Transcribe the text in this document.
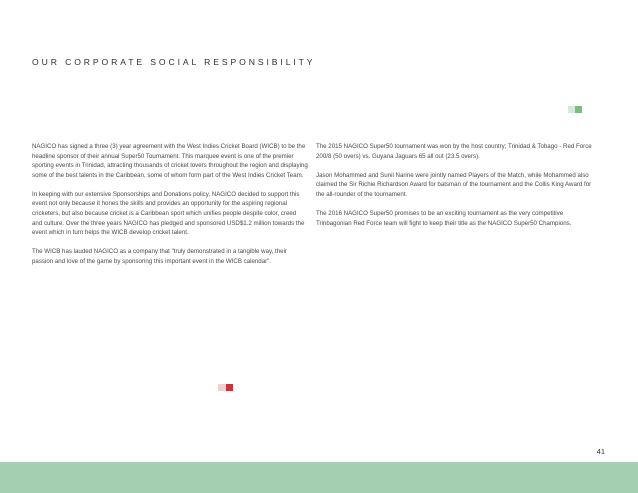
OUR CORPORATE SOCIAL RESPONSIBILITY

NAGICO has signed a three (3) year agreement with the West Indies Cricket Board (WICB) to be the headline sponsor of their annual Super50 Tournament. This marquee event is one of the premier sporting events in Trinidad, attracting thousands of cricket lovers throughout the region and displaying some of the best talents in the Caribbean, some of whom form part of the West Indies Cricket Team.

In keeping with our extensive Sponsorships and Donations policy, NAGICO decided to support this event not only because it hones the skills and provides an opportunity for the aspiring regional cricketers, but also because cricket is a Caribbean sport which unifies people despite color, creed and culture. Over the three years NAGICO has pledged and sponsored USD$1.2 million towards the event which in turn helps the WICB develop cricket talent.

The WICB has lauded NAGICO as a company that "truly demonstrated in a tangible way, their passion and love of the game by sponsoring this important event in the WICB calendar".

The 2015 NAGICO Super50 tournament was won by the host country; Trinidad & Tobago - Red Force 200/8 (50 overs) vs. Guyana Jaguars 65 all out (23.5 overs).

Jason Mohammed and Sunil Narine were jointly named Players of the Match, while Mohammed also claimed the Sir Richie Richardson Award for batsman of the tournament and the Collis King Award for the all-rounder of the tournament.

The 2016 NAGICO Super50 promises to be an exciting tournament as the very competitive Trinbagonian Red Force team will fight to keep their title as the NAGICO Super50 Champions.

41
